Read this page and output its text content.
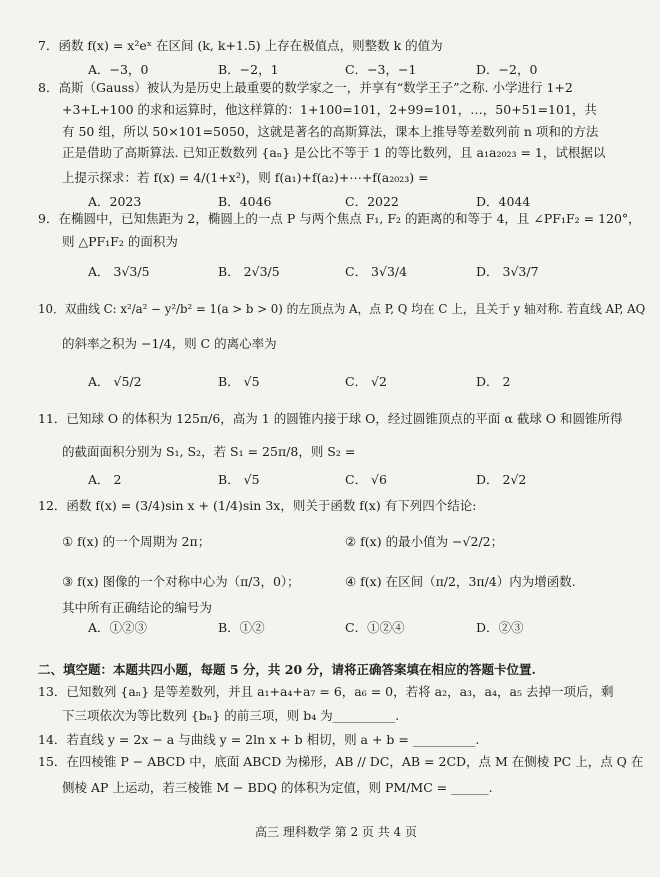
7．函数 f(x) = x²eˣ 在区间 (k, k+1.5) 上存在极值点，则整数 k 的值为
A．−3，0	B．−2，1	C．−3，−1	D．−2，0
8．高斯（Gauss）被认为是历史上最重要的数学家之一，并享有“数学王子”之称. 小学进行 1+2
+3+L+100 的求和运算时，他这样算的：1+100=101，2+99=101，…，50+51=101，共
有 50 组，所以 50×101=5050，这就是著名的高斯算法，课本上推导等差数列前 n 项和的方法
正是借助了高斯算法. 已知正数数列 {aₙ} 是公比不等于 1 的等比数列，且 a₁a₂₀₂₃ = 1，试根据以
上提示探求：若 f(x) = 4/(1+x²)，则 f(a₁)+f(a₂)+⋯+f(a₂₀₂₃) =
A．2023	B．4046	C．2022	D．4044
9．在椭圆中，已知焦距为 2，椭圆上的一点 P 与两个焦点 F₁, F₂ 的距离的和等于 4，且 ∠PF₁F₂ = 120°，
则 △PF₁F₂ 的面积为
A． 3√3/5	B． 2√3/5	C． 3√3/4	D． 3√3/7
10．双曲线 C: x²/a² − y²/b² = 1(a > b > 0) 的左顶点为 A，点 P, Q 均在 C 上，且关于 y 轴对称. 若直线 AP, AQ
的斜率之积为 −1/4，则 C 的离心率为
A． √5/2	B． √5	C． √2	D． 2
11．已知球 O 的体积为 125π/6，高为 1 的圆锥内接于球 O，经过圆锥顶点的平面 α 截球 O 和圆锥所得
的截面面积分别为 S₁, S₂，若 S₁ = 25π/8，则 S₂ =
A． 2	B． √5	C． √6	D． 2√2
12．函数 f(x) = (3/4)sin x + (1/4)sin 3x，则关于函数 f(x) 有下列四个结论:
① f(x) 的一个周期为 2π；	② f(x) 的最小值为 −√2/2；
③ f(x) 图像的一个对称中心为（π/3，0）；	④ f(x) 在区间（π/2，3π/4）内为增函数.
其中所有正确结论的编号为
A．①②③	B．①②	C．①②④	D．②③
二、填空题：本题共四小题，每题 5 分，共 20 分，请将正确答案填在相应的答题卡位置.
13．已知数列 {aₙ} 是等差数列，并且 a₁+a₄+a₇ = 6，a₆ = 0，若将 a₂，a₃，a₄，a₅ 去掉一项后，剩
下三项依次为等比数列 {bₙ} 的前三项，则 b₄ 为__________.
14．若直线 y = 2x − a 与曲线 y = 2ln x + b 相切，则 a + b = __________.
15．在四棱锥 P − ABCD 中，底面 ABCD 为梯形，AB // DC，AB = 2CD，点 M 在侧棱 PC 上，点 Q 在
侧棱 AP 上运动，若三棱锥 M − BDQ 的体积为定值，则 PM/MC = ______.
高三 理科数学 第 2 页 共 4 页
